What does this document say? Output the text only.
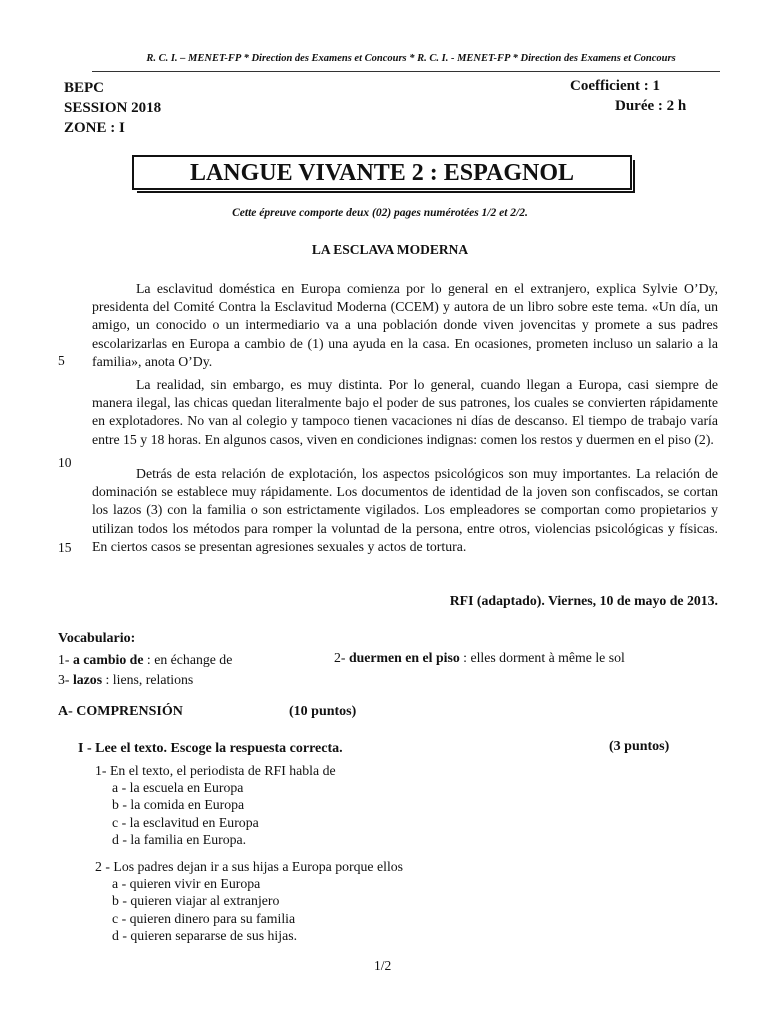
R. C. I. – MENET-FP * Direction des Examens et Concours * R. C. I. - MENET-FP * Direction des Examens et Concours
BEPC
SESSION 2018
ZONE : I
Coefficient : 1
Durée : 2 h
LANGUE VIVANTE 2 : ESPAGNOL
Cette épreuve comporte deux (02) pages numérotées 1/2 et 2/2.
LA ESCLAVA MODERNA

La esclavitud doméstica en Europa comienza por lo general en el extranjero, explica Sylvie O’Dy, presidenta del Comité Contra la Esclavitud Moderna (CCEM) y autora de un libro sobre este tema. «Un día, un amigo, un conocido o un intermediario va a una población donde viven jovencitas y promete a sus padres escolarizarlas en Europa a cambio de (1) una ayuda en la casa. En ocasiones, prometen incluso un salario a la familia», anota O’Dy.

La realidad, sin embargo, es muy distinta. Por lo general, cuando llegan a Europa, casi siempre de manera ilegal, las chicas quedan literalmente bajo el poder de sus patrones, los cuales se convierten rápidamente en explotadores. No van al colegio y tampoco tienen vacaciones ni días de descanso. El tiempo de trabajo varía entre 15 y 18 horas. En algunos casos, viven en condiciones indignas: comen los restos y duermen en el piso (2).

Detrás de esta relación de explotación, los aspectos psicológicos son muy importantes. La relación de dominación se establece muy rápidamente. Los documentos de identidad de la joven son confiscados, se cortan los lazos (3) con la familia o son estrictamente vigilados. Los empleadores se comportan como propietarios y utilizan todos los métodos para romper la voluntad de la persona, entre otros, violencias psicológicas y físicas. En ciertos casos se presentan agresiones sexuales y actos de tortura.

5
10
15
RFI (adaptado). Viernes, 10 de mayo de 2013.
Vocabulario:
1- a cambio de : en échange de	2- duermen en el piso : elles dorment à même le sol
3- lazos : liens, relations
A- COMPRENSIÓN	(10 puntos)
I - Lee el texto. Escoge la respuesta correcta.	(3 puntos)
1- En el texto, el periodista de RFI habla de
a - la escuela en Europa
b - la comida en Europa
c - la esclavitud en Europa
d - la familia en Europa.
2 - Los padres dejan ir a sus hijas a Europa porque ellos
a - quieren vivir en Europa
b - quieren viajar al extranjero
c - quieren dinero para su familia
d - quieren separarse de sus hijas.
1/2
